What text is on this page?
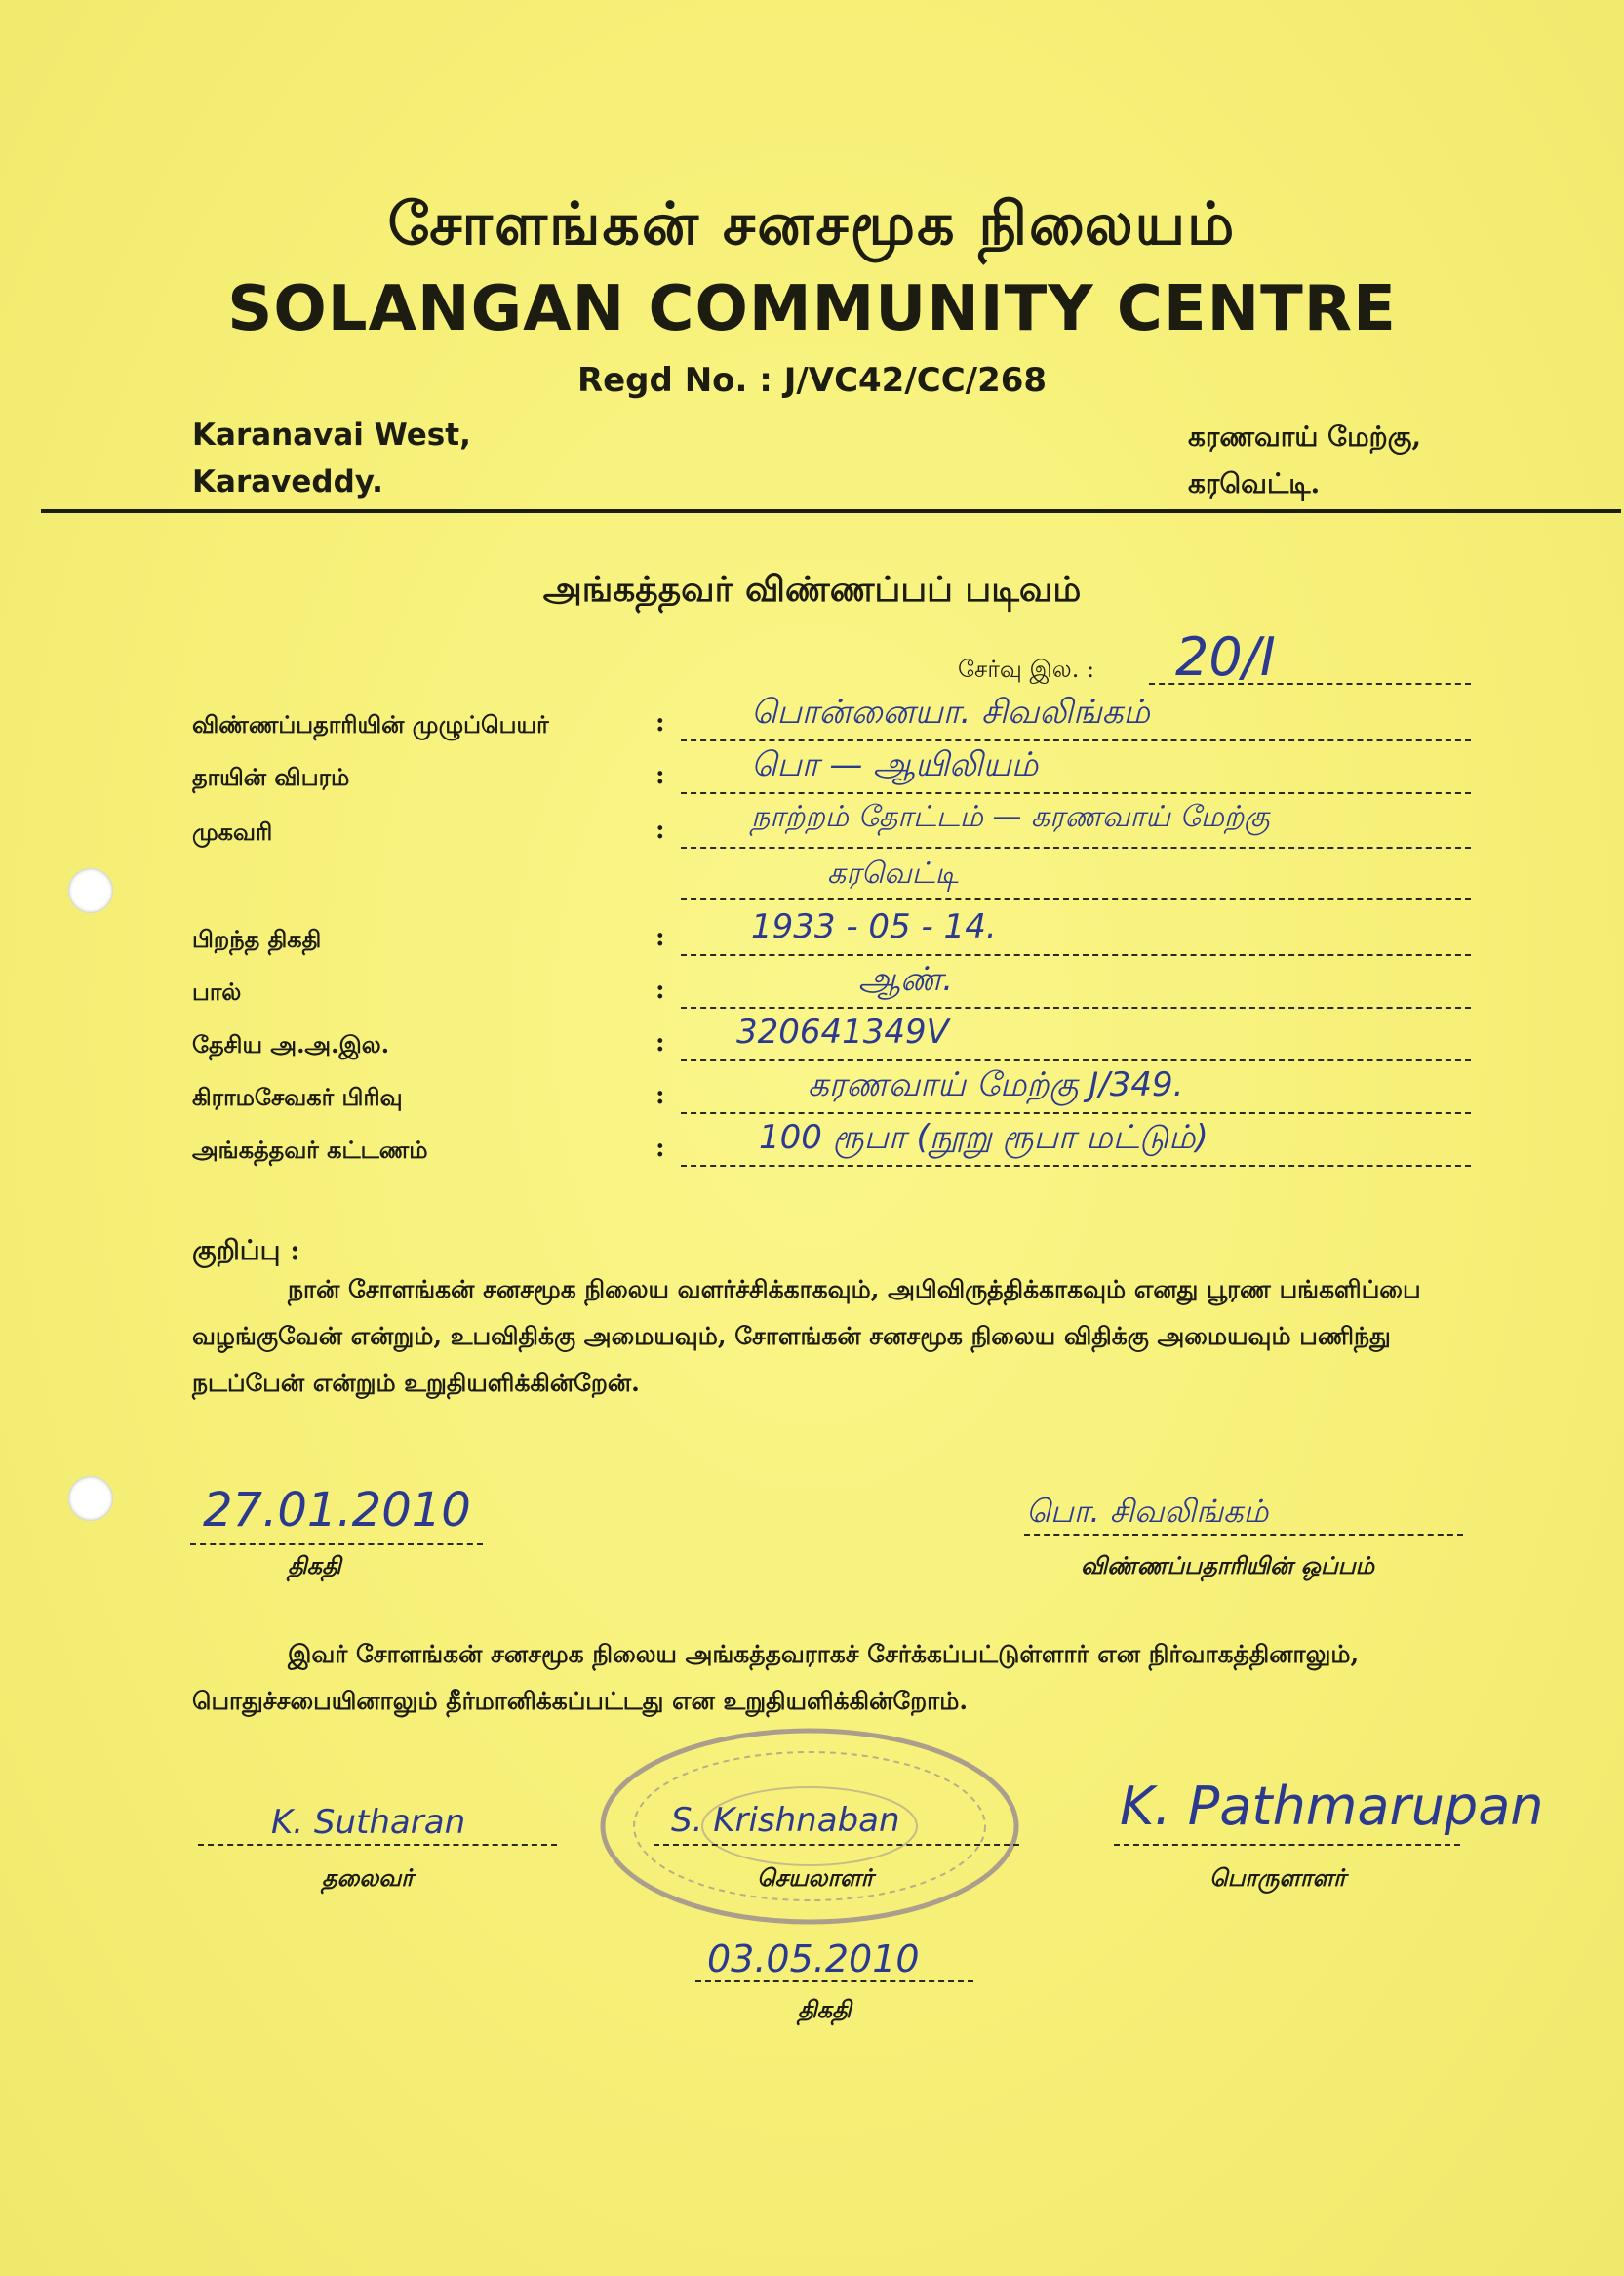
சோளங்கன் சனசமூக நிலையம்
SOLANGAN COMMUNITY CENTRE
Regd No. : J/VC42/CC/268
Karanavai West,
Karaveddy.
கரணவாய் மேற்கு,
கரவெட்டி.
அங்கத்தவர் விண்ணப்பப் படிவம்
சேர்வு இல. : 20/I
விண்ணப்பதாரியின் முழுப்பெயர்	:	பொன்னையா. சிவலிங்கம்
தாயின் விபரம்	:	பொ — ஆயிலியம்
முகவரி	:	நாற்றம் தோட்டம் — கரணவாய் மேற்கு
கரவெட்டி
பிறந்த திகதி	:	1933 - 05 - 14.
பால்	:	ஆண்.
தேசிய அ.அ.இல.	: 320641349V
கிராமசேவகர் பிரிவு	:	கரணவாய் மேற்கு J/349.
அங்கத்தவர் கட்டணம்	:	100 ரூபா (நூறு ரூபா மட்டும்)
குறிப்பு :
நான் சோளங்கன் சனசமூக நிலைய வளர்ச்சிக்காகவும், அபிவிருத்திக்காகவும் எனது பூரண பங்களிப்பை வழங்குவேன் என்றும், உபவிதிக்கு அமையவும், சோளங்கன் சனசமூக நிலைய விதிக்கு அமையவும் பணிந்து நடப்பேன் என்றும் உறுதியளிக்கின்றேன்.
27.01.2010
திகதி
பொ. சிவலிங்கம்
விண்ணப்பதாரியின் ஒப்பம்
இவர் சோளங்கன் சனசமூக நிலைய அங்கத்தவராகச் சேர்க்கப்பட்டுள்ளார் என நிர்வாகத்தினாலும், பொதுச்சபையினாலும் தீர்மானிக்கப்பட்டது என உறுதியளிக்கின்றோம்.
K. Sutharan
தலைவர்
S. Krishnaban
செயலாளர்
K. Pathmarupan
பொருளாளர்
03.05.2010
திகதி
